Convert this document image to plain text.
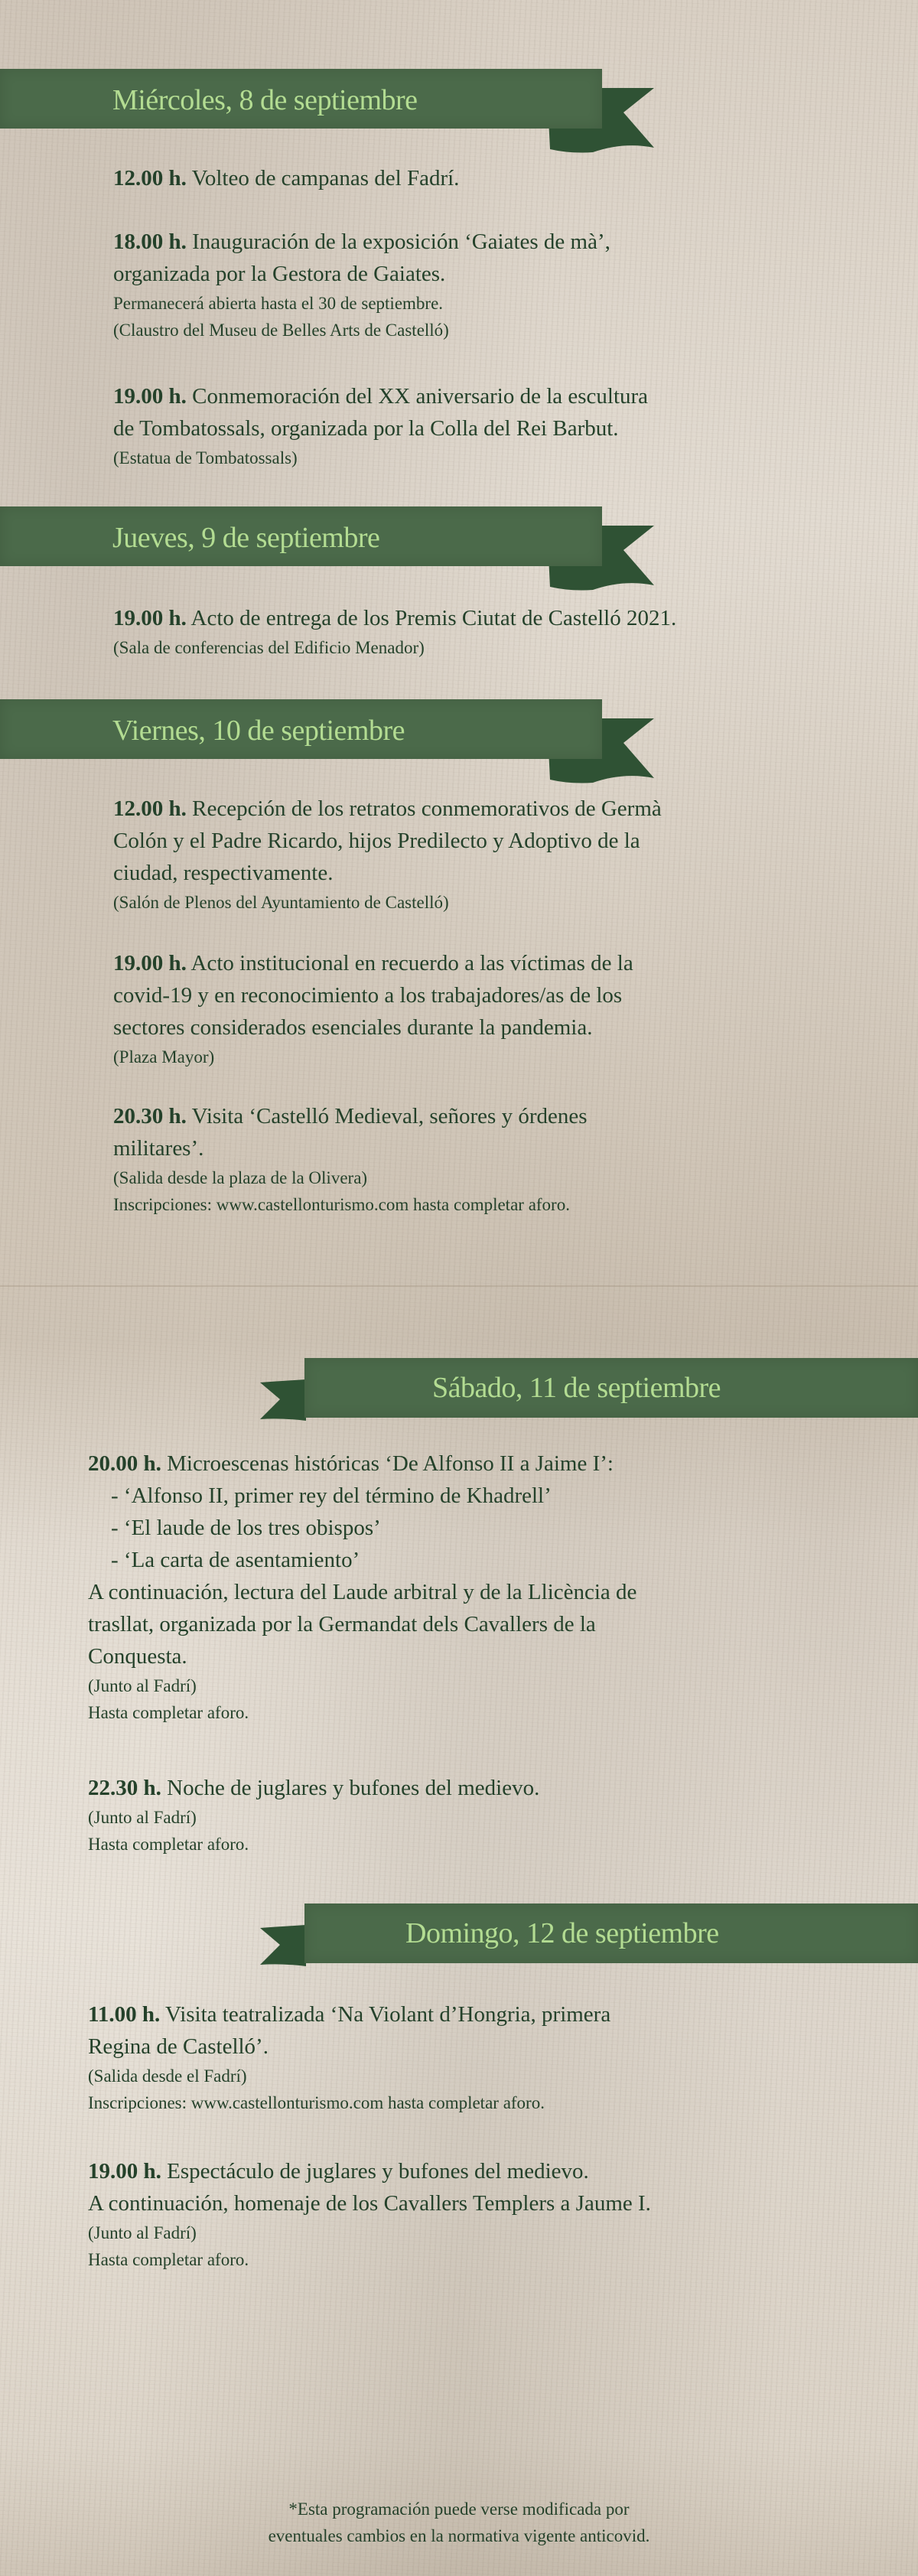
Miércoles, 8 de septiembre

12.00 h. Volteo de campanas del Fadrí.

18.00 h. Inauguración de la exposición ‘Gaiates de mà’,

organizada por la Gestora de Gaiates.

Permanecerá abierta hasta el 30 de septiembre.

(Claustro del Museu de Belles Arts de Castelló)

19.00 h. Conmemoración del XX aniversario de la escultura

de Tombatossals, organizada por la Colla del Rei Barbut.

(Estatua de Tombatossals)

Jueves, 9 de septiembre

19.00 h. Acto de entrega de los Premis Ciutat de Castelló 2021.

(Sala de conferencias del Edificio Menador)

Viernes, 10 de septiembre

12.00 h. Recepción de los retratos conmemorativos de Germà

Colón y el Padre Ricardo, hijos Predilecto y Adoptivo de la

ciudad, respectivamente.

(Salón de Plenos del Ayuntamiento de Castelló)

19.00 h. Acto institucional en recuerdo a las víctimas de la

covid-19 y en reconocimiento a los trabajadores/as de los

sectores considerados esenciales durante la pandemia.

(Plaza Mayor)

20.30 h. Visita ‘Castelló Medieval, señores y órdenes

militares’.

(Salida desde la plaza de la Olivera)

Inscripciones: www.castellonturismo.com hasta completar aforo.

Sábado, 11 de septiembre

20.00 h. Microescenas históricas ‘De Alfonso II a Jaime I’:

- ‘Alfonso II, primer rey del término de Khadrell’

- ‘El laude de los tres obispos’

- ‘La carta de asentamiento’

A continuación, lectura del Laude arbitral y de la Llicència de

trasllat, organizada por la Germandat dels Cavallers de la

Conquesta.

(Junto al Fadrí)

Hasta completar aforo.

22.30 h. Noche de juglares y bufones del medievo.

(Junto al Fadrí)

Hasta completar aforo.

Domingo, 12 de septiembre

11.00 h. Visita teatralizada ‘Na Violant d’Hongria, primera

Regina de Castelló’.

(Salida desde el Fadrí)

Inscripciones: www.castellonturismo.com hasta completar aforo.

19.00 h. Espectáculo de juglares y bufones del medievo.

A continuación, homenaje de los Cavallers Templers a Jaume I.

(Junto al Fadrí)

Hasta completar aforo.

*Esta programación puede verse modificada por
eventuales cambios en la normativa vigente anticovid.
